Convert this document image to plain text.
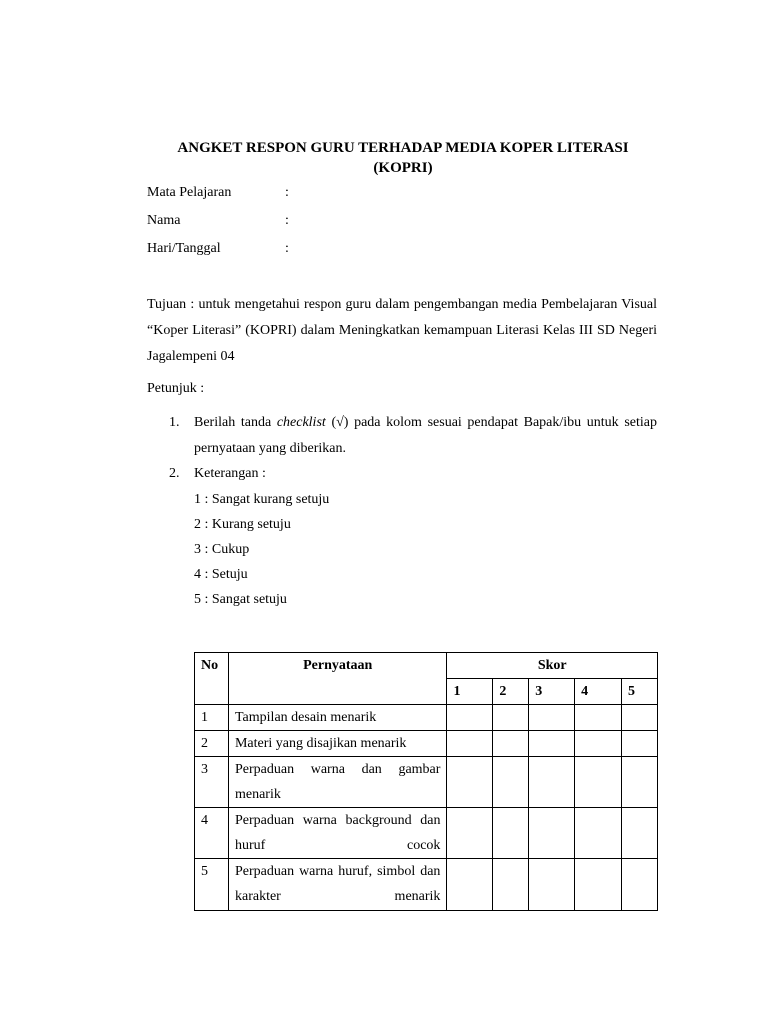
ANGKET RESPON GURU TERHADAP MEDIA KOPER LITERASI
(KOPRI)
Mata Pelajaran	:
Nama	:
Hari/Tanggal	:
Tujuan : untuk mengetahui respon guru dalam pengembangan media Pembelajaran Visual “Koper Literasi” (KOPRI) dalam Meningkatkan kemampuan Literasi Kelas III SD Negeri Jagalempeni 04
Petunjuk :
1. Berilah tanda checklist (√) pada kolom sesuai pendapat Bapak/ibu untuk setiap pernyataan yang diberikan.
2. Keterangan :
1 : Sangat kurang setuju
2 : Kurang setuju
3 : Cukup
4 : Setuju
5 : Sangat setuju
No	Pernyataan	Skor				
		1	2	3	4	5
1	Tampilan desain menarik					
2	Materi yang disajikan menarik					
3	Perpaduan warna dan gambar menarik					
4	Perpaduan warna background dan huruf cocok					
5	Perpaduan warna huruf, simbol dan karakter menarik					
